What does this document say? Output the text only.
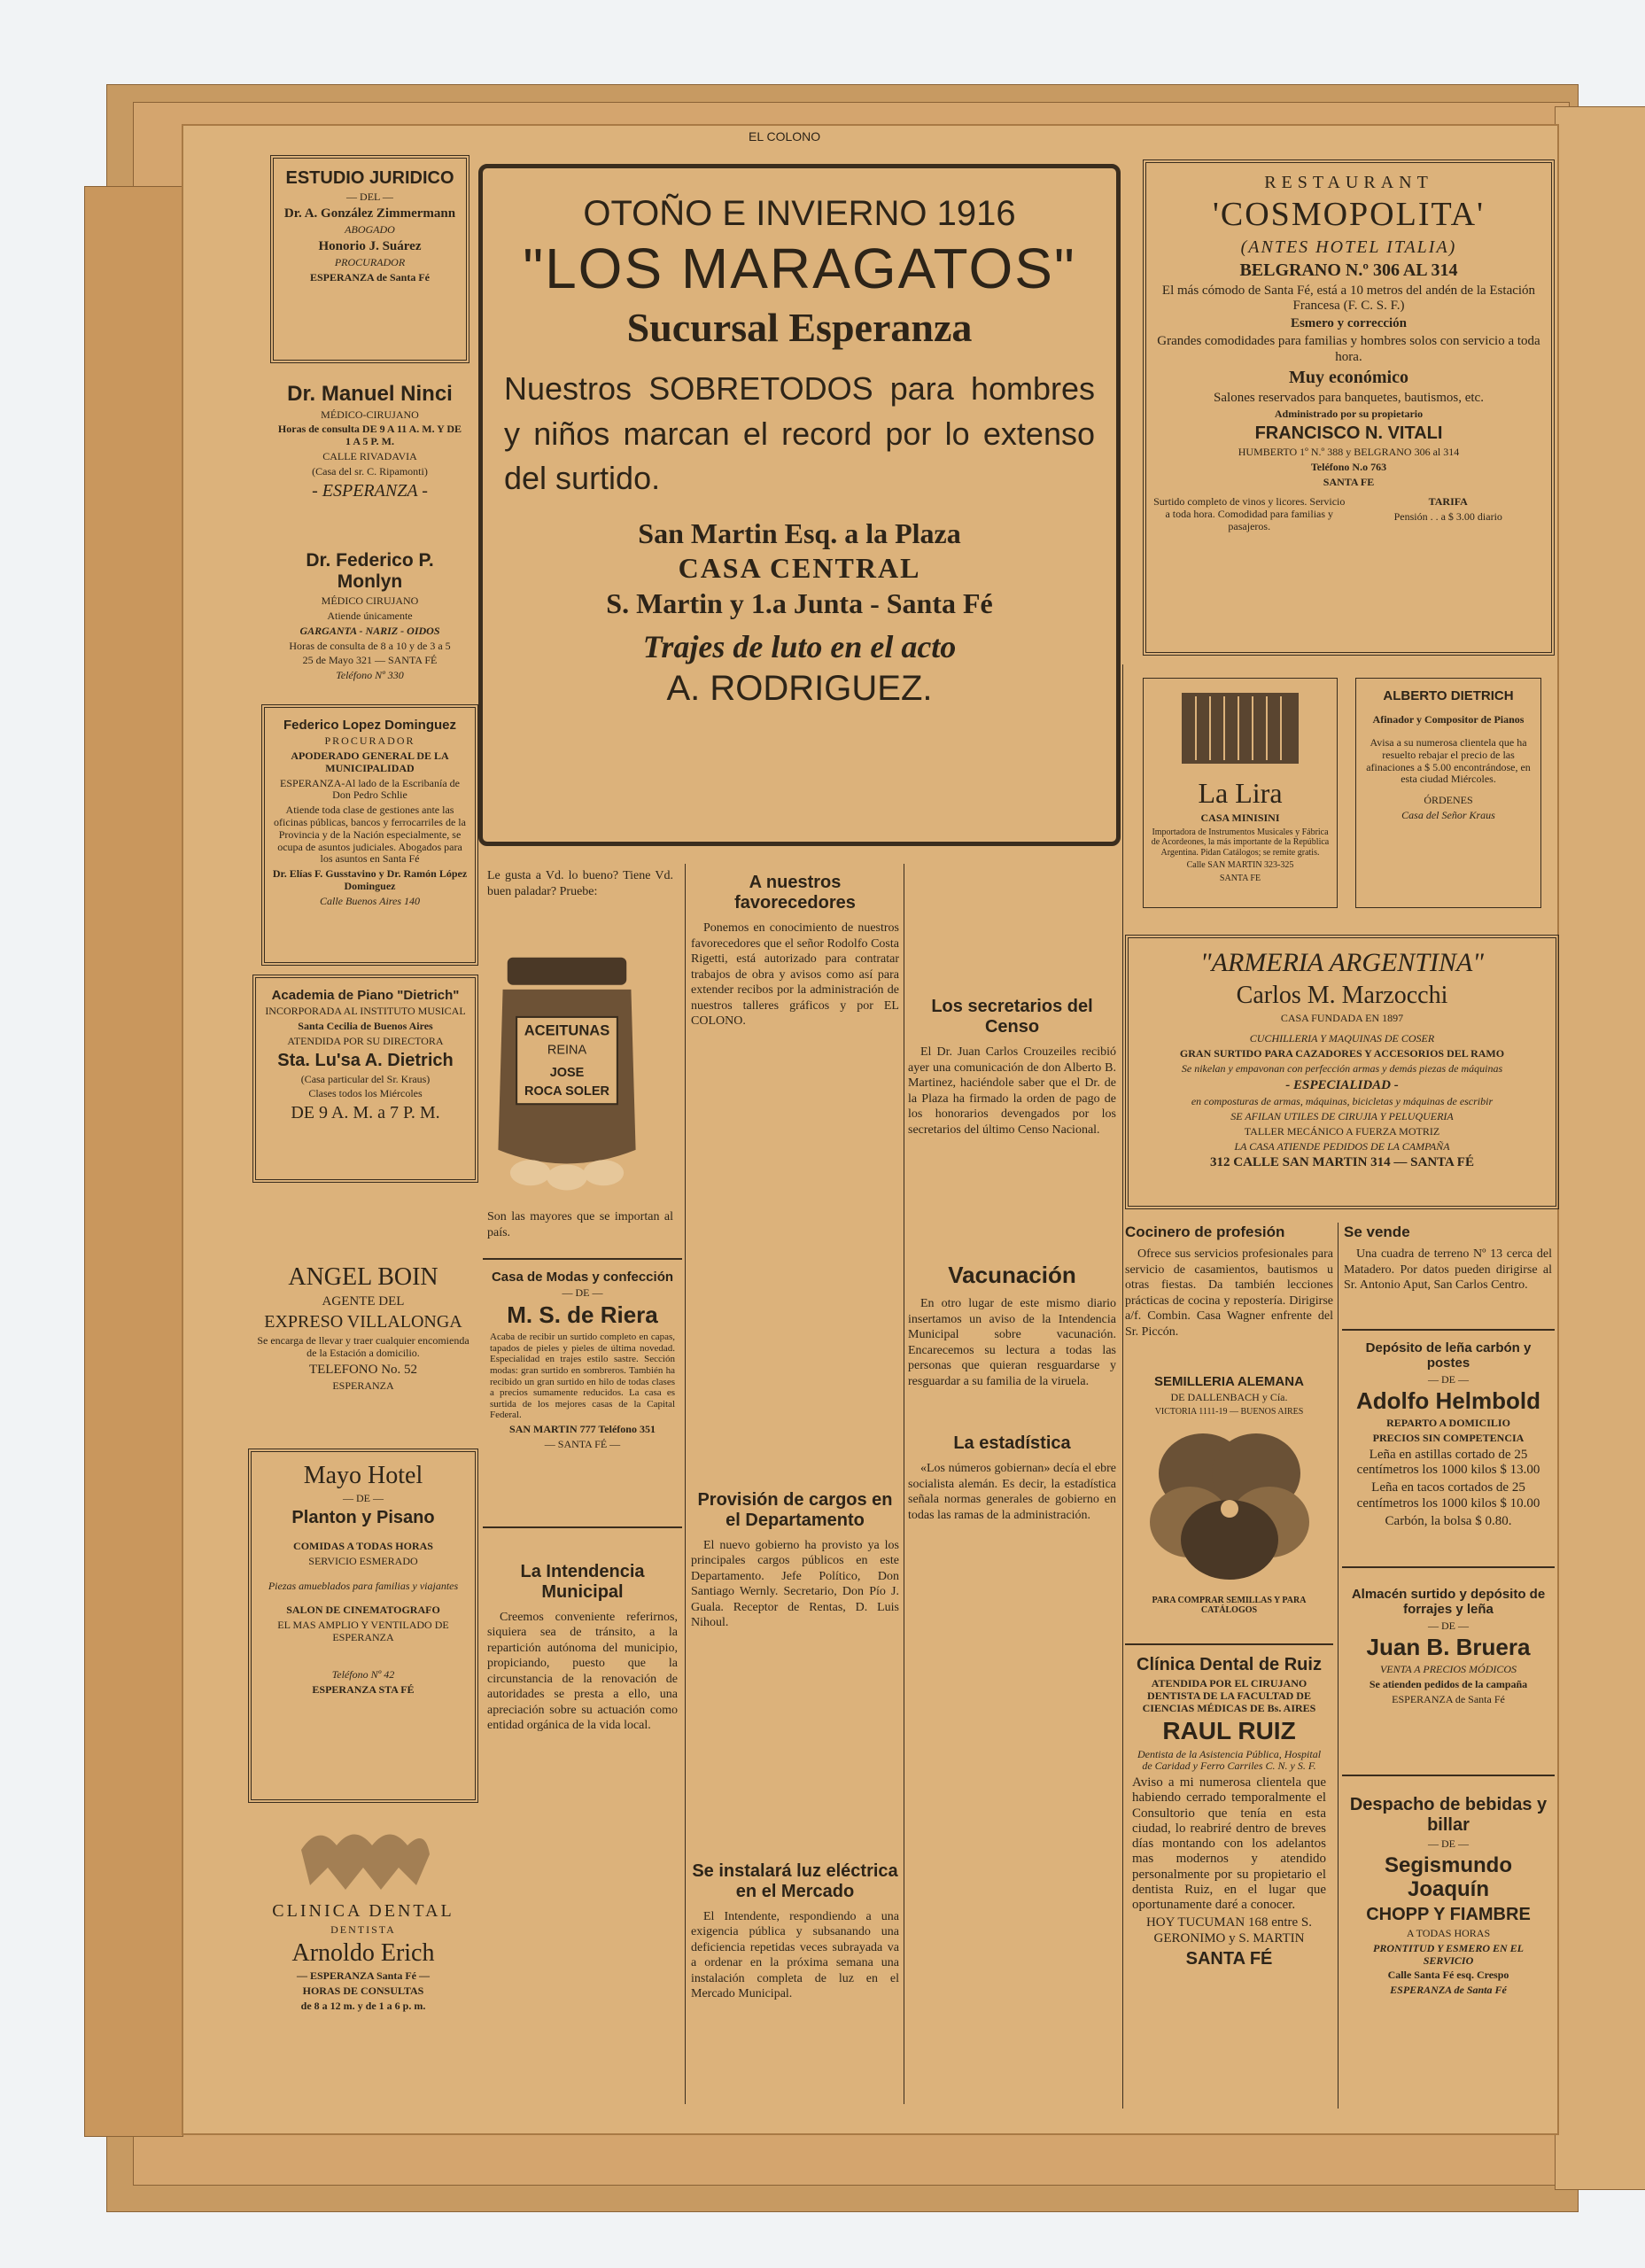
EL COLONO
ESTUDIO JURIDICO
— DEL —
Dr. A. González Zimmermann
ABOGADO
Honorio J. Suárez
PROCURADOR
ESPERANZA de Santa Fé
Dr. Manuel Ninci
MÉDICO-CIRUJANO
Horas de consulta DE 9 A 11 A. M. Y DE 1 A 5 P. M.
CALLE RIVADAVIA
(Casa del sr. C. Ripamonti)
- ESPERANZA -
Dr. Federico P. Monlyn
MÉDICO CIRUJANO
Atiende únicamente
GARGANTA - NARIZ - OIDOS
Horas de consulta de 8 a 10 y de 3 a 5
25 de Mayo 321 — SANTA FÉ
Teléfono Nº 330
Federico Lopez Dominguez
PROCURADOR
APODERADO GENERAL DE LA MUNICIPALIDAD
ESPERANZA-Al lado de la Escribanía de Don Pedro Schlie
Atiende toda clase de gestiones ante las oficinas públicas, bancos y ferrocarriles de la Provincia y de la Nación especialmente, se ocupa de asuntos judiciales. Abogados para los asuntos en Santa Fé
Dr. Elías F. Gusstavino y Dr. Ramón López Dominguez
Calle Buenos Aires 140
Academia de Piano "Dietrich"
INCORPORADA AL INSTITUTO MUSICAL
Santa Cecilia de Buenos Aires
ATENDIDA POR SU DIRECTORA
Sta. Lu'sa A. Dietrich
(Casa particular del Sr. Kraus)
Clases todos los Miércoles
DE 9 A. M. a 7 P. M.
ANGEL BOIN
AGENTE DEL
EXPRESO VILLALONGA
Se encarga de llevar y traer cualquier encomienda de la Estación a domicilio.
TELEFONO No. 52
ESPERANZA
Mayo Hotel
— DE —
Planton y Pisano
COMIDAS A TODAS HORAS
SERVICIO ESMERADO
Piezas amueblados para familias y viajantes
SALON DE CINEMATOGRAFO
EL MAS AMPLIO Y VENTILADO DE ESPERANZA
Teléfono Nº 42
ESPERANZA STA FÉ
CLINICA DENTAL
DENTISTA
Arnoldo Erich
— ESPERANZA Santa Fé —
HORAS DE CONSULTAS
de 8 a 12 m. y de 1 a 6 p. m.
OTOÑO E INVIERNO 1916
"LOS MARAGATOS"
Sucursal Esperanza
Nuestros SOBRETODOS para hombres y niños marcan el record por lo extenso del surtido.
San Martin Esq. a la Plaza
CASA CENTRAL
S. Martin y 1.a Junta - Santa Fé
Trajes de luto en el acto
A. RODRIGUEZ.
RESTAURANT
'COSMOPOLITA'
(ANTES HOTEL ITALIA)
BELGRANO N.º 306 AL 314
El más cómodo de Santa Fé, está a 10 metros del andén de la Estación Francesa (F. C. S. F.)
Esmero y corrección
Grandes comodidades para familias y hombres solos con servicio a toda hora.
Muy económico
Salones reservados para banquetes, bautismos, etc.
Administrado por su propietario
FRANCISCO N. VITALI
HUMBERTO 1º N.º 388 y BELGRANO 306 al 314
Teléfono N.o 763
SANTA FE
Surtido completo de vinos y licores. Servicio a toda hora. Comodidad para familias y pasajeros.
TARIFA
Pensión . . a $ 3.00 diario
La Lira
CASA MINISINI
Importadora de Instrumentos Musicales y Fábrica de Acordeones, la más importante de la República Argentina. Pidan Catálogos; se remite gratis.
Calle SAN MARTIN 323-325
SANTA FE
ALBERTO DIETRICH
Afinador y Compositor de Pianos
Avisa a su numerosa clientela que ha resuelto rebajar el precio de las afinaciones a $ 5.00 encontrándose, en esta ciudad Miércoles.
ÓRDENES
Casa del Señor Kraus
"ARMERIA ARGENTINA"
Carlos M. Marzocchi
CASA FUNDADA EN 1897
CUCHILLERIA Y MAQUINAS DE COSER
GRAN SURTIDO PARA CAZADORES Y ACCESORIOS DEL RAMO
Se nikelan y empavonan con perfección armas y demás piezas de máquinas
- ESPECIALIDAD -
en composturas de armas, máquinas, bicicletas y máquinas de escribir
SE AFILAN UTILES DE CIRUJIA Y PELUQUERIA
TALLER MECÁNICO A FUERZA MOTRIZ
LA CASA ATIENDE PEDIDOS DE LA CAMPAÑA
312 CALLE SAN MARTIN 314 — SANTA FÉ

Le gusta a Vd. lo bueno? Tiene Vd. buen paladar? Pruebe:

ACEITUNAS
REINA
JOSE
ROCA SOLER

Son las mayores que se importan al país.

Casa de Modas y confección
— DE —
M. S. de Riera
Acaba de recibir un surtido completo en capas, tapados de pieles y pieles de última novedad. Especialidad en trajes estilo sastre. Sección modas: gran surtido en sombreros. También ha recibido un gran surtido en hilo de todas clases a precios sumamente reducidos. La casa es surtida de los mejores casas de la Capital Federal.
SAN MARTIN 777 Teléfono 351
— SANTA FÉ —

La Intendencia Municipal

Creemos conveniente referirnos, siquiera sea de tránsito, a la repartición autónoma del municipio, propiciando, puesto que la circunstancia de la renovación de autoridades se presta a ello, una apreciación sobre su actuación como entidad orgánica de la vida local.

A nuestros favorecedores

Ponemos en conocimiento de nuestros favorecedores que el señor Rodolfo Costa Rigetti, está autorizado para contratar trabajos de obra y avisos como así para extender recibos por la administración de nuestros talleres gráficos y por EL COLONO.

Provisión de cargos en el Departamento

El nuevo gobierno ha provisto ya los principales cargos públicos en este Departamento. Jefe Político, Don Santiago Wernly. Secretario, Don Pío J. Guala. Receptor de Rentas, D. Luis Nihoul.

Se instalará luz eléctrica en el Mercado

El Intendente, respondiendo a una exigencia pública y subsanando una deficiencia repetidas veces subrayada va a ordenar en la próxima semana una instalación completa de luz en el Mercado Municipal.

Los secretarios del Censo

El Dr. Juan Carlos Crouzeiles recibió ayer una comunicación de don Alberto B. Martinez, haciéndole saber que el Dr. de la Plaza ha firmado la orden de pago de los honorarios devengados por los secretarios del último Censo Nacional.

Vacunación

En otro lugar de este mismo diario insertamos un aviso de la Intendencia Municipal sobre vacunación. Encarecemos su lectura a todas las personas que quieran resguardarse y resguardar a su familia de la viruela.

La estadística

«Los números gobiernan» decía el ebre socialista alemán. Es decir, la estadística señala normas generales de gobierno en todas las ramas de la administración.

Cocinero de profesión

Ofrece sus servicios profesionales para servicio de casamientos, bautismos u otras fiestas. Da también lecciones prácticas de cocina y repostería. Dirigirse a/f. Combin. Casa Wagner enfrente del Sr. Piccón.

SEMILLERIA ALEMANA
DE DALLENBACH y Cía.
VICTORIA 1111-19 — BUENOS AIRES
PARA COMPRAR SEMILLAS Y PARA CATÁLOGOS
Clínica Dental de Ruiz
ATENDIDA POR EL CIRUJANO DENTISTA DE LA FACULTAD DE CIENCIAS MÉDICAS DE Bs. AIRES
RAUL RUIZ
Dentista de la Asistencia Pública, Hospital de Caridad y Ferro Carriles C. N. y S. F.
Aviso a mi numerosa clientela que habiendo cerrado temporalmente el Consultorio que tenía en esta ciudad, lo reabriré dentro de breves días montando con los adelantos mas modernos y atendido personalmente por su propietario el dentista Ruiz, en el lugar que oportunamente daré a conocer.
HOY TUCUMAN 168 entre S. GERONIMO y S. MARTIN
SANTA FÉ

Se vende

Una cuadra de terreno Nº 13 cerca del Matadero. Por datos pueden dirigirse al Sr. Antonio Aput, San Carlos Centro.

Depósito de leña carbón y postes
— DE —
Adolfo Helmbold
REPARTO A DOMICILIO
PRECIOS SIN COMPETENCIA
Leña en astillas cortado de 25 centímetros los 1000 kilos $ 13.00
Leña en tacos cortados de 25 centímetros los 1000 kilos $ 10.00
Carbón, la bolsa $ 0.80.
Almacén surtido y depósito de forrajes y leña
— DE —
Juan B. Bruera
VENTA A PRECIOS MÓDICOS
Se atienden pedidos de la campaña
ESPERANZA de Santa Fé
Despacho de bebidas y billar
— DE —
Segismundo Joaquín
CHOPP Y FIAMBRE
A TODAS HORAS
PRONTITUD Y ESMERO EN EL SERVICIO
Calle Santa Fé esq. Crespo
ESPERANZA de Santa Fé
